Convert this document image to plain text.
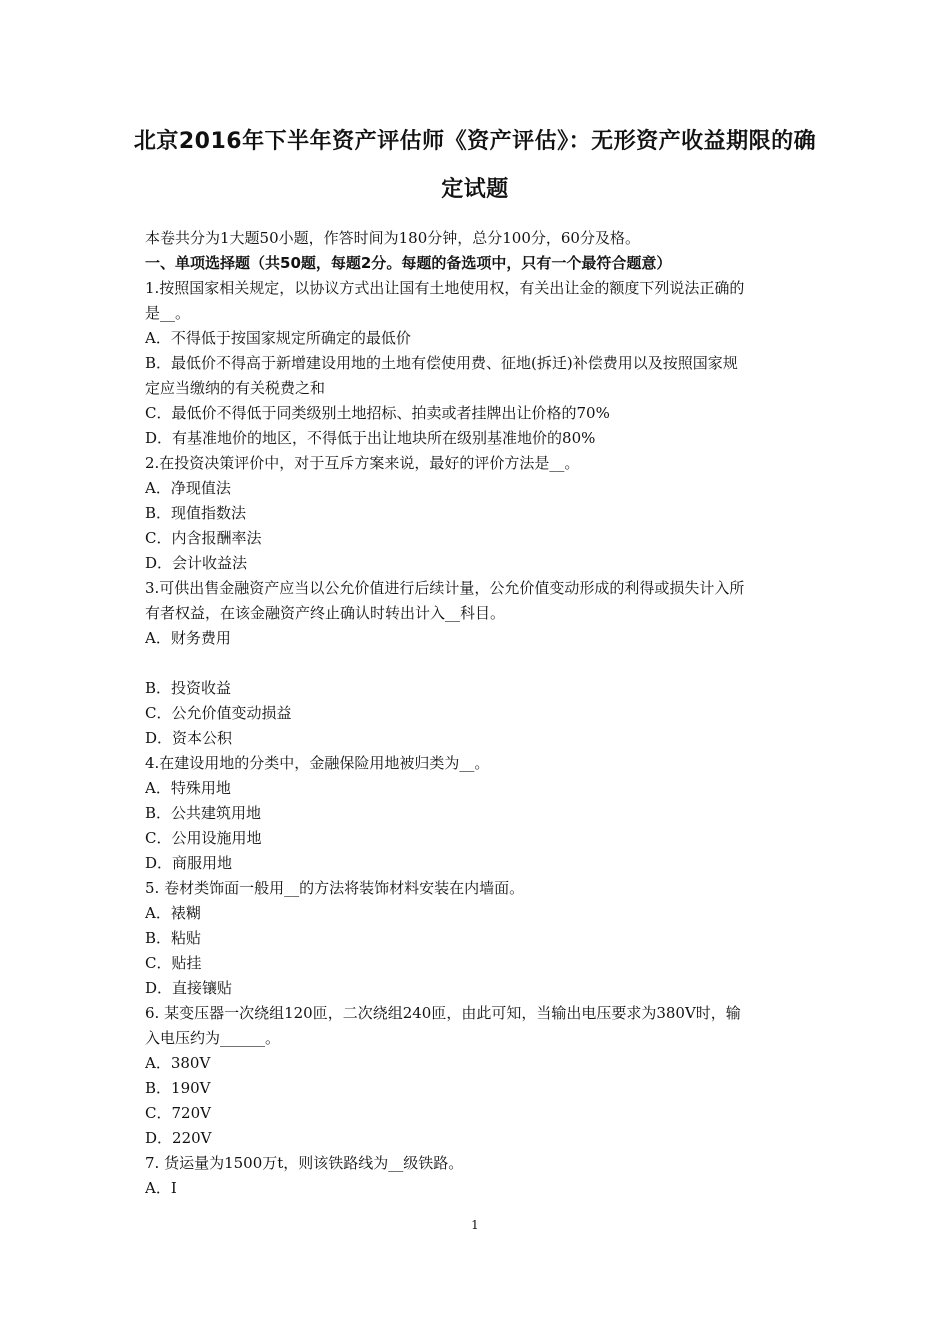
北京2016年下半年资产评估师《资产评估》：无形资产收益期限的确
定试题
本卷共分为1大题50小题，作答时间为180分钟，总分100分，60分及格。
一、单项选择题（共50题，每题2分。每题的备选项中，只有一个最符合题意）
1.按照国家相关规定，以协议方式出让国有土地使用权，有关出让金的额度下列说法正确的
是__。
A．不得低于按国家规定所确定的最低价
B．最低价不得高于新增建设用地的土地有偿使用费、征地(拆迁)补偿费用以及按照国家规
定应当缴纳的有关税费之和
C．最低价不得低于同类级别土地招标、拍卖或者挂牌出让价格的70%
D．有基准地价的地区，不得低于出让地块所在级别基准地价的80%
2.在投资决策评价中，对于互斥方案来说，最好的评价方法是__。
A．净现值法
B．现值指数法
C．内含报酬率法
D．会计收益法
3.可供出售金融资产应当以公允价值进行后续计量，公允价值变动形成的利得或损失计入所
有者权益，在该金融资产终止确认时转出计入__科目。
A．财务费用
B．投资收益
C．公允价值变动损益
D．资本公积
4.在建设用地的分类中，金融保险用地被归类为__。
A．特殊用地
B．公共建筑用地
C．公用设施用地
D．商服用地
5. 卷材类饰面一般用__的方法将装饰材料安装在内墙面。
A．裱糊
B．粘贴
C．贴挂
D．直接镶贴
6. 某变压器一次绕组120匝，二次绕组240匝，由此可知，当输出电压要求为380V时，输
入电压约为______。
A．380V
B．190V
C．720V
D．220V
7. 货运量为1500万t，则该铁路线为__级铁路。
A．Ⅰ
1
